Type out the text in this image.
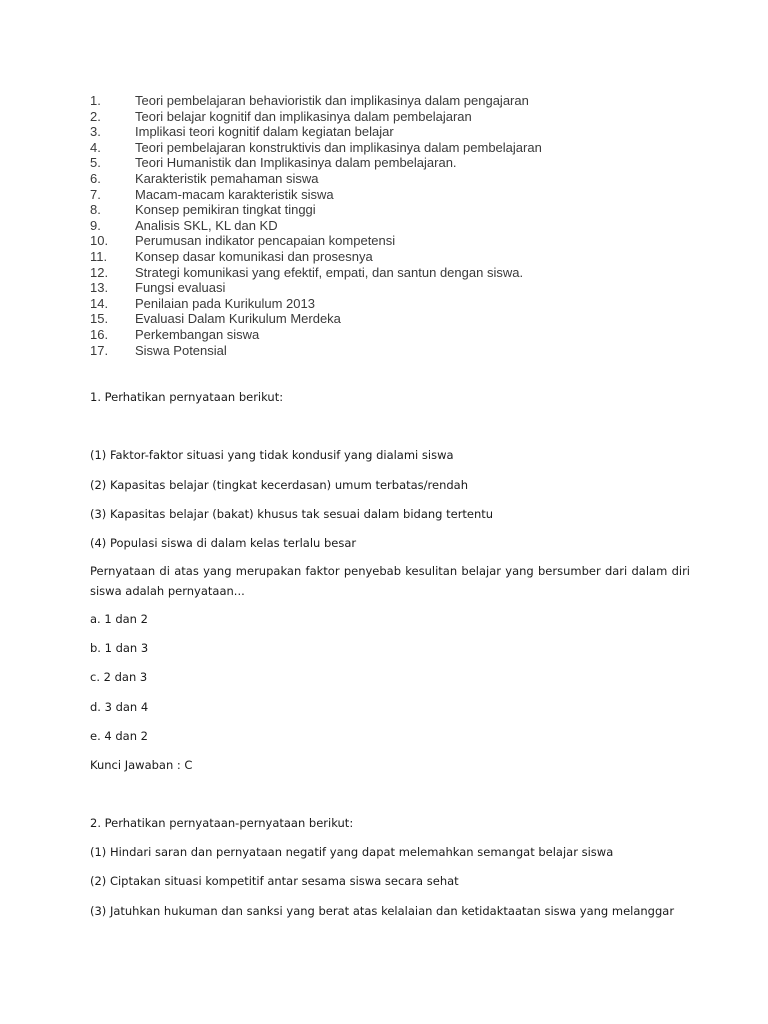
1.	Teori pembelajaran behavioristik dan implikasinya dalam pengajaran
2.	Teori belajar kognitif dan implikasinya dalam pembelajaran
3.	Implikasi teori kognitif dalam kegiatan belajar
4.	Teori pembelajaran konstruktivis dan implikasinya dalam pembelajaran
5.	Teori Humanistik dan Implikasinya dalam pembelajaran.
6.	Karakteristik pemahaman siswa
7.	Macam-macam karakteristik siswa
8.	Konsep pemikiran tingkat tinggi
9.	Analisis SKL, KL dan KD
10.	Perumusan indikator pencapaian kompetensi
11.	Konsep dasar komunikasi dan prosesnya
12.	Strategi komunikasi yang efektif, empati, dan santun dengan siswa.
13.	Fungsi evaluasi
14.	Penilaian pada Kurikulum 2013
15.	Evaluasi Dalam Kurikulum Merdeka
16.	Perkembangan siswa
17.	Siswa Potensial

1. Perhatikan pernyataan berikut:

(1) Faktor-faktor situasi yang tidak kondusif yang dialami siswa

(2) Kapasitas belajar (tingkat kecerdasan) umum terbatas/rendah

(3) Kapasitas belajar (bakat) khusus tak sesuai dalam bidang tertentu

(4) Populasi siswa di dalam kelas terlalu besar

Pernyataan di atas yang merupakan faktor penyebab kesulitan belajar yang bersumber dari dalam diri siswa adalah pernyataan...

a. 1 dan 2

b. 1 dan 3

c. 2 dan 3

d. 3 dan 4

e. 4 dan 2

Kunci Jawaban : C

2. Perhatikan pernyataan-pernyataan berikut:

(1) Hindari saran dan pernyataan negatif yang dapat melemahkan semangat belajar siswa

(2) Ciptakan situasi kompetitif antar sesama siswa secara sehat

(3) Jatuhkan hukuman dan sanksi yang berat atas kelalaian dan ketidaktaatan siswa yang melanggar
